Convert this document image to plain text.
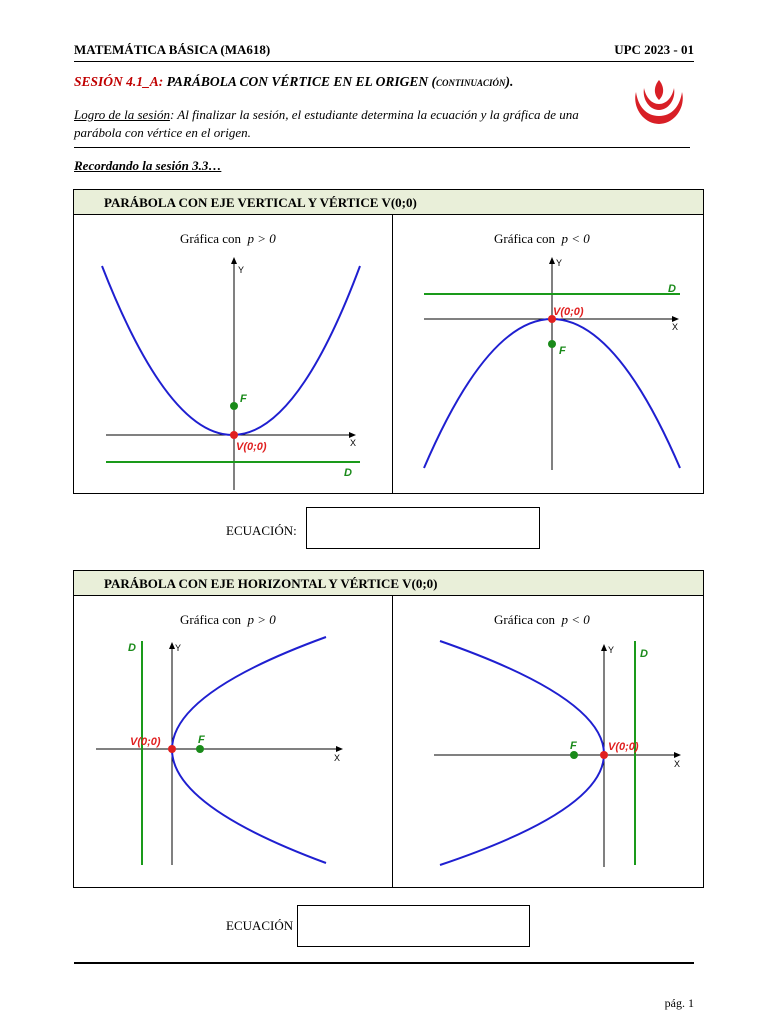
MATEMÁTICA BÁSICA (MA618)	UPC 2023 - 01
SESIÓN 4.1_A: PARÁBOLA CON VÉRTICE EN EL ORIGEN (continuación).
Logro de la sesión: Al finalizar la sesión, el estudiante determina la ecuación y la gráfica de una parábola con vértice en el origen.
Recordando la sesión 3.3…
PARÁBOLA CON EJE VERTICAL Y VÉRTICE V(0;0)
Gráfica con p > 0	Gráfica con p < 0
X
Y
F
V(0;0)
D
X
Y
F
V(0;0)
D
ECUACIÓN:
PARÁBOLA CON EJE HORIZONTAL Y VÉRTICE V(0;0)
Gráfica con p > 0	Gráfica con p < 0
X
Y
F
V(0;0)
D
X
Y
F	V(0;0)
D
ECUACIÓN
pág. 1
